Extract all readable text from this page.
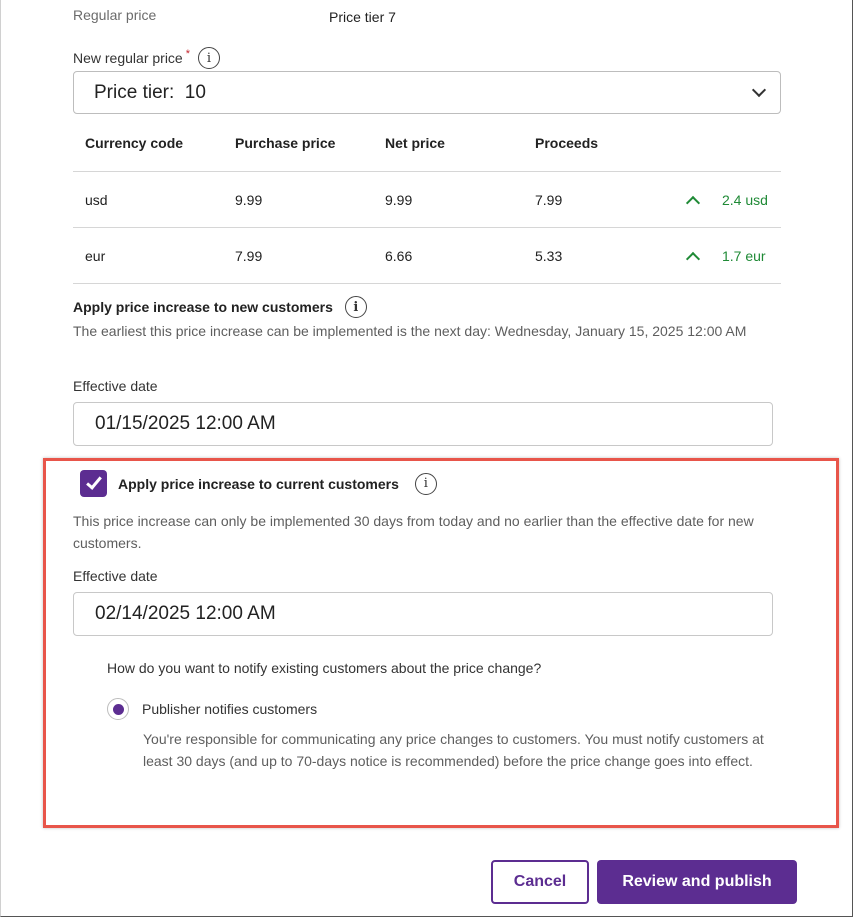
Regular price	Price tier 7
New regular price *	i
Price tier:  10
Currency code	Purchase price	Net price	Proceeds
usd	9.99	9.99	7.99	2.4 usd
eur	7.99	6.66	5.33	1.7 eur
Apply price increase to new customers	i
The earliest this price increase can be implemented is the next day: Wednesday, January 15, 2025 12:00 AM
Effective date
01/15/2025 12:00 AM
Apply price increase to current customers	i
This price increase can only be implemented 30 days from today and no earlier than the effective date for new customers.
Effective date
02/14/2025 12:00 AM
How do you want to notify existing customers about the price change?
Publisher notifies customers
You're responsible for communicating any price changes to customers. You must notify customers at least 30 days (and up to 70-days notice is recommended) before the price change goes into effect.
Cancel	Review and publish
